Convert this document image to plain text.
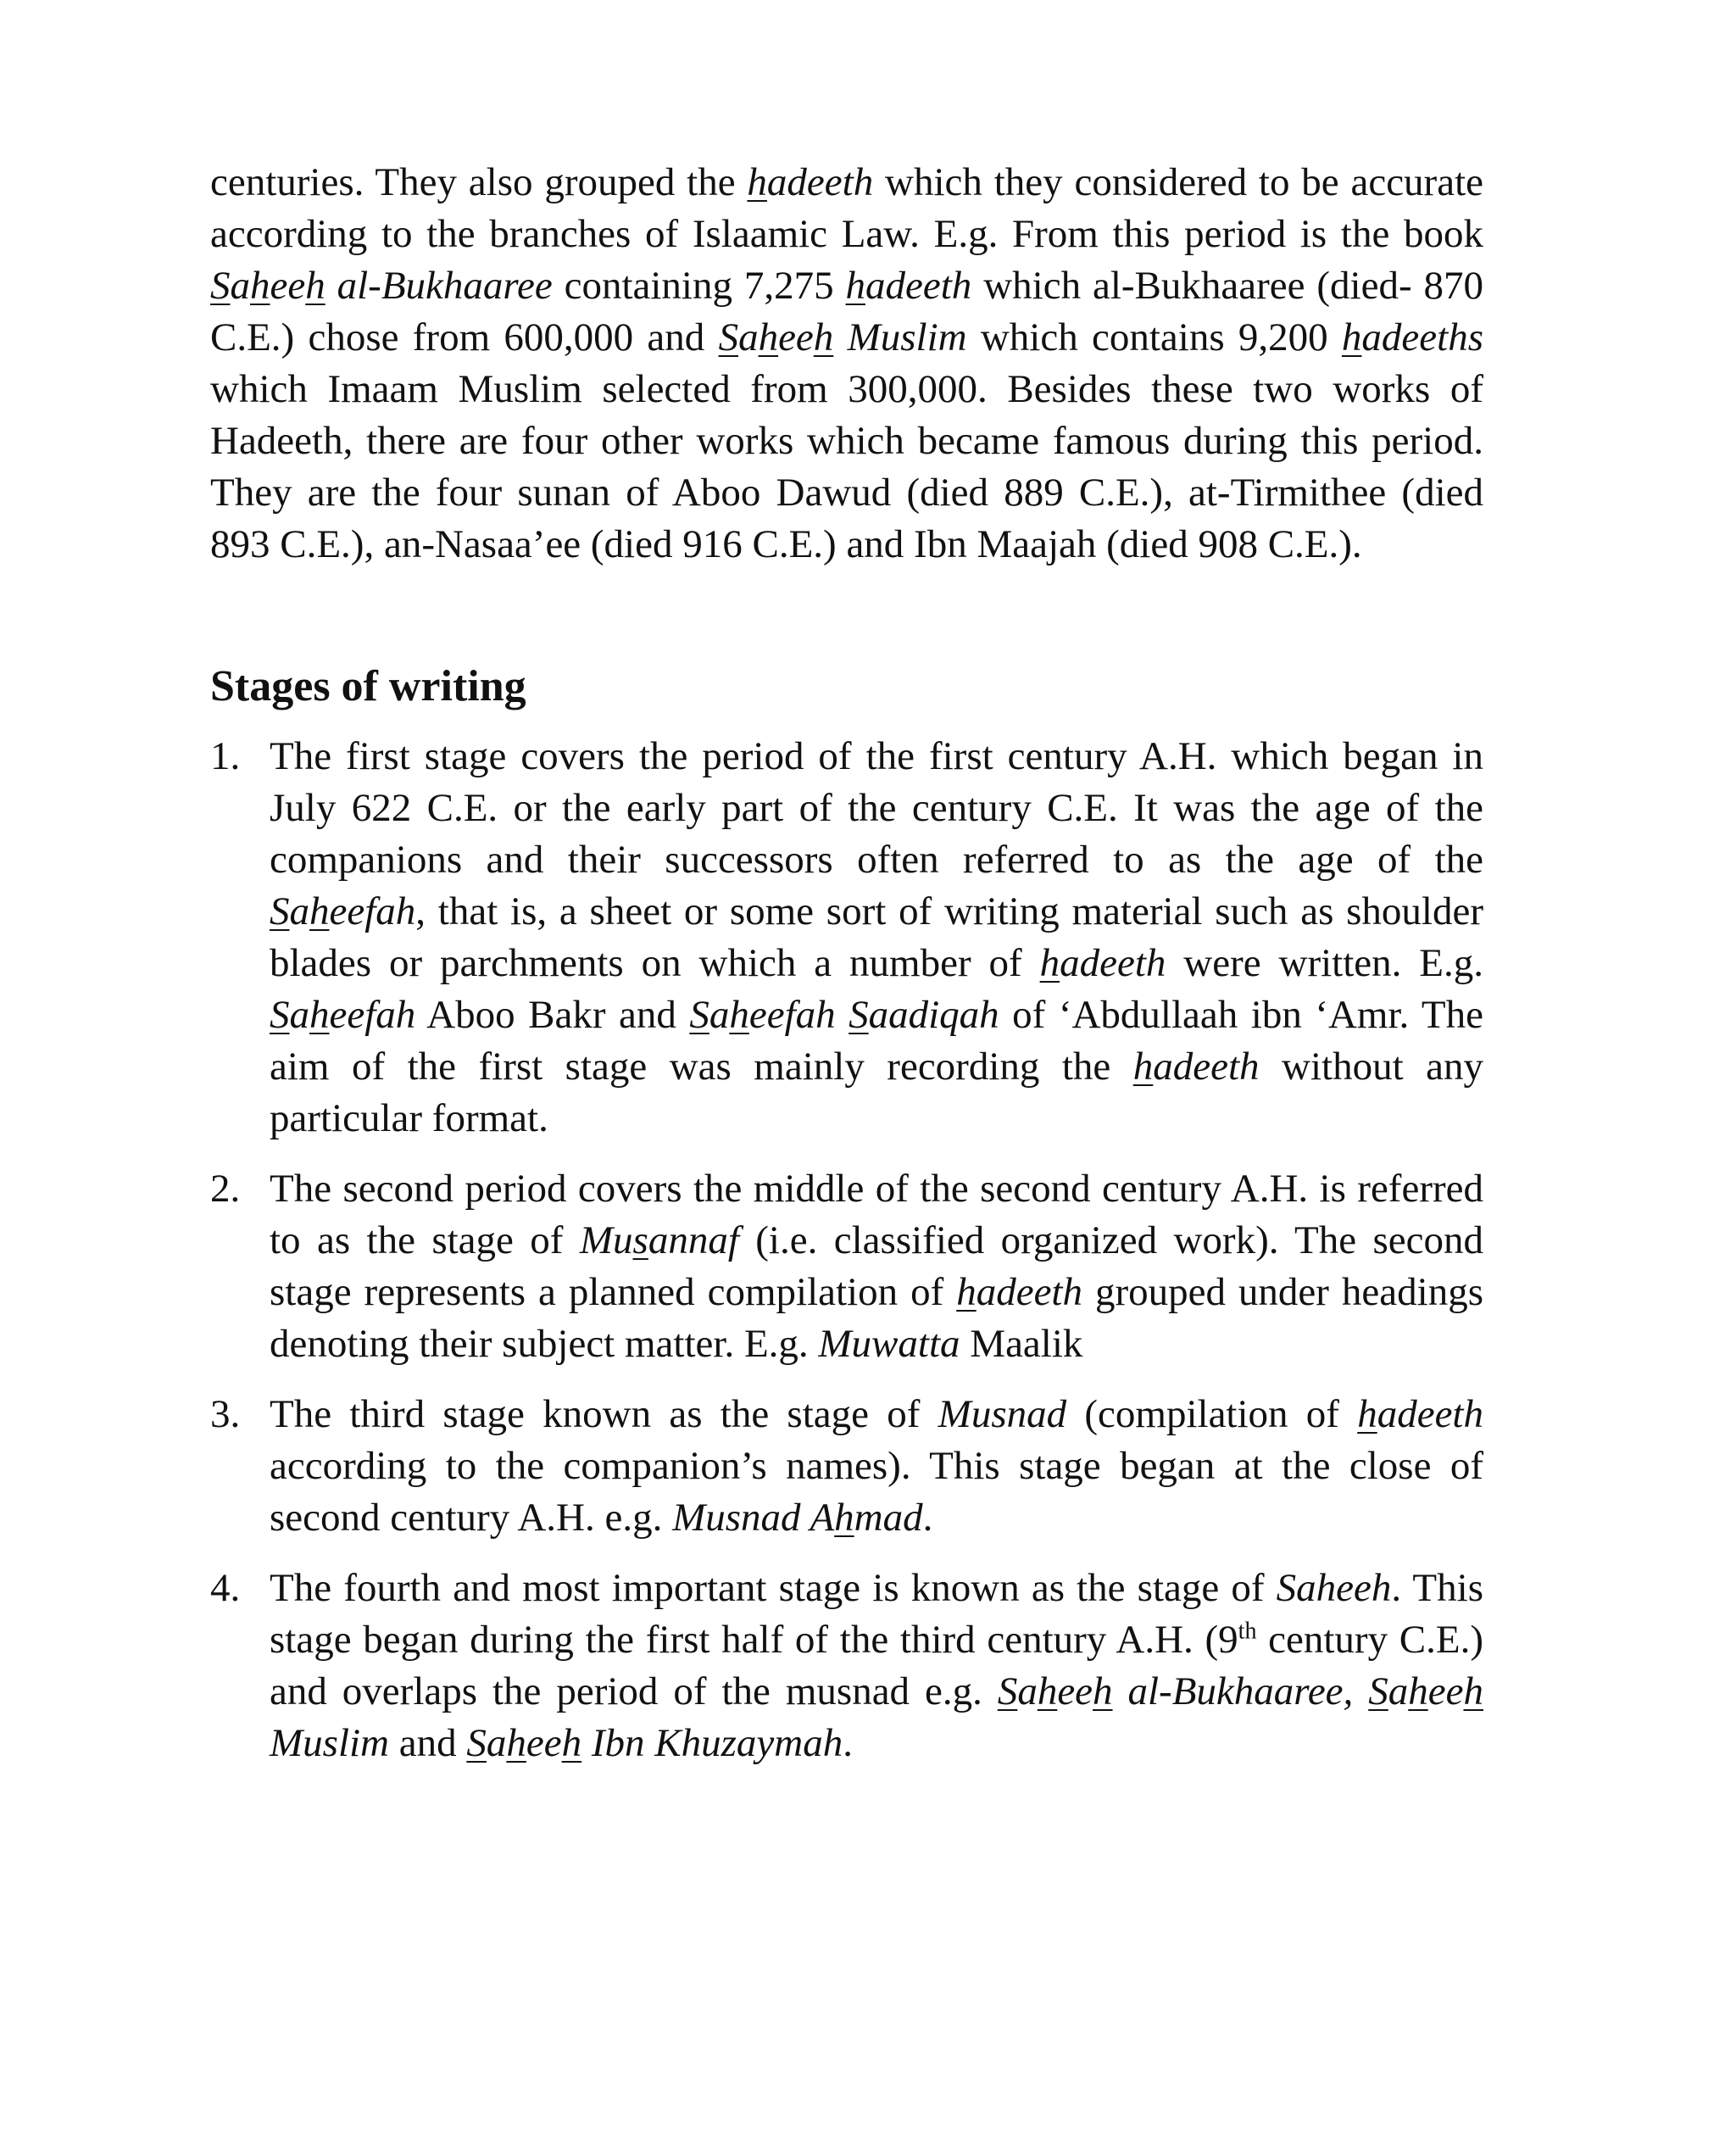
centuries. They also grouped the hadeeth which they considered to be accurate according to the branches of Islaamic Law. E.g. From this period is the book Saheeh al-Bukhaaree containing 7,275 hadeeth which al-Bukhaaree (died- 870 C.E.) chose from 600,000 and Saheeh Muslim which contains 9,200 hadeeths which Imaam Muslim selected from 300,000. Besides these two works of Hadeeth, there are four other works which became famous during this period. They are the four sunan of Aboo Dawud (died 889 C.E.), at-Tirmithee (died 893 C.E.), an-Nasaa’ee (died 916 C.E.) and Ibn Maajah (died 908 C.E.).

Stages of writing
1. The first stage covers the period of the first century A.H. which began in July 622 C.E. or the early part of the century C.E. It was the age of the companions and their successors often referred to as the age of the Saheefah, that is, a sheet or some sort of writing material such as shoulder blades or parchments on which a number of hadeeth were written. E.g. Saheefah Aboo Bakr and Saheefah Saadiqah of ‘Abdullaah ibn ‘Amr. The aim of the first stage was mainly recording the hadeeth without any particular format.
2. The second period covers the middle of the second century A.H. is referred to as the stage of Musannaf (i.e. classified organized work). The second stage represents a planned compilation of hadeeth grouped under headings denoting their subject matter. E.g. Muwatta Maalik
3. The third stage known as the stage of Musnad (compilation of hadeeth according to the companion’s names). This stage began at the close of second century A.H. e.g. Musnad Ahmad.
4. The fourth and most important stage is known as the stage of Saheeh. This stage began during the first half of the third century A.H. (9th century C.E.) and overlaps the period of the musnad e.g. Saheeh al-Bukhaaree, Saheeh Muslim and Saheeh Ibn Khuzaymah.
